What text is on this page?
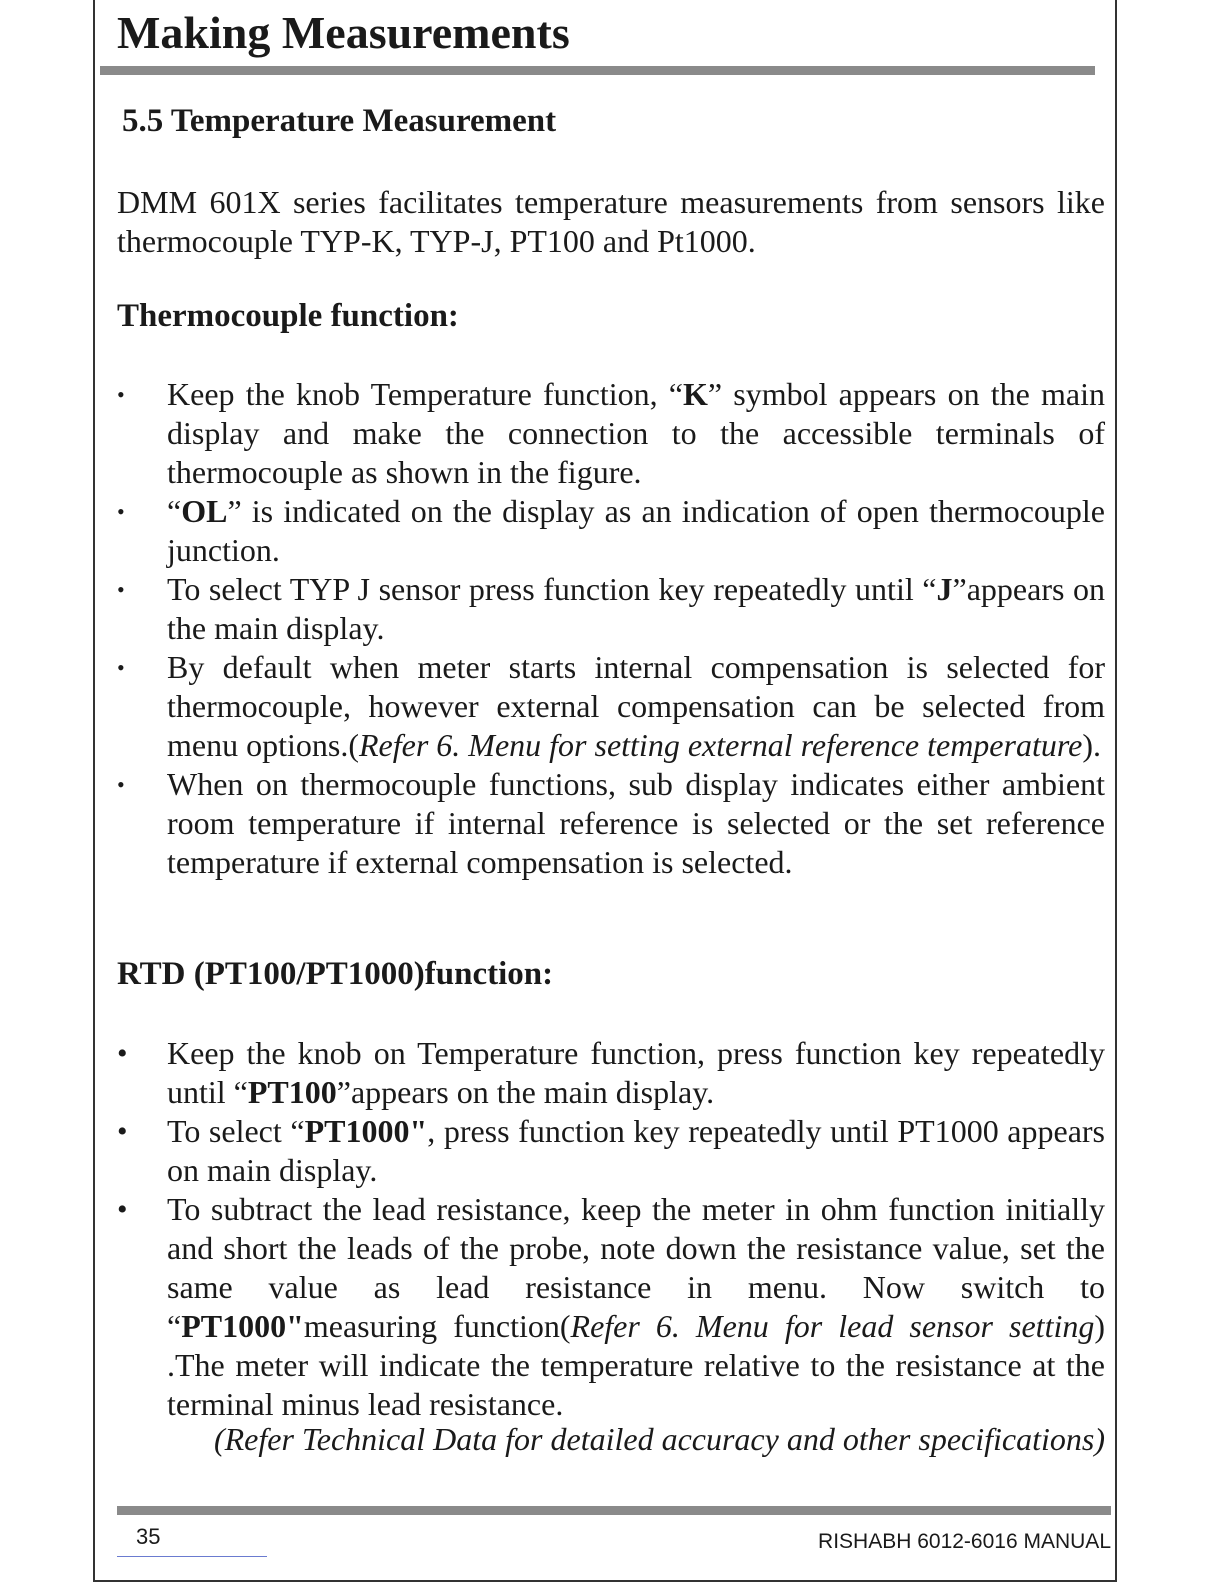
Making Measurements
5.5 Temperature Measurement

DMM 601X series facilitates temperature measurements from sensors like thermocouple TYP-K, TYP-J, PT100 and Pt1000.

Thermocouple function:
• Keep the knob Temperature function, “K” symbol appears on the main display and make the connection to the accessible terminals of thermocouple as shown in the figure.
• “OL” is indicated on the display as an indication of open thermocouple junction.
• To select TYP J sensor press function key repeatedly until “J”appears on the main display.
• By default when meter starts internal compensation is selected for thermocouple, however external compensation can be selected from menu options.(Refer 6. Menu for setting external reference temperature).
• When on thermocouple functions, sub display indicates either ambient room temperature if internal reference is selected or the set reference temperature if external compensation is selected.
RTD (PT100/PT1000)function:
• Keep the knob on Temperature function, press function key repeatedly until “PT100”appears on the main display.
• To select “PT1000", press function key repeatedly until PT1000 appears on main display.
• To subtract the lead resistance, keep the meter in ohm function initially and short the leads of the probe, note down the resistance value, set the same value as lead resistance in menu. Now switch to “PT1000"measuring function(Refer 6. Menu for lead sensor setting) .The meter will indicate the temperature relative to the resistance at the terminal minus lead resistance.

(Refer Technical Data for detailed accuracy and other specifications)

35	RISHABH 6012-6016 MANUAL
